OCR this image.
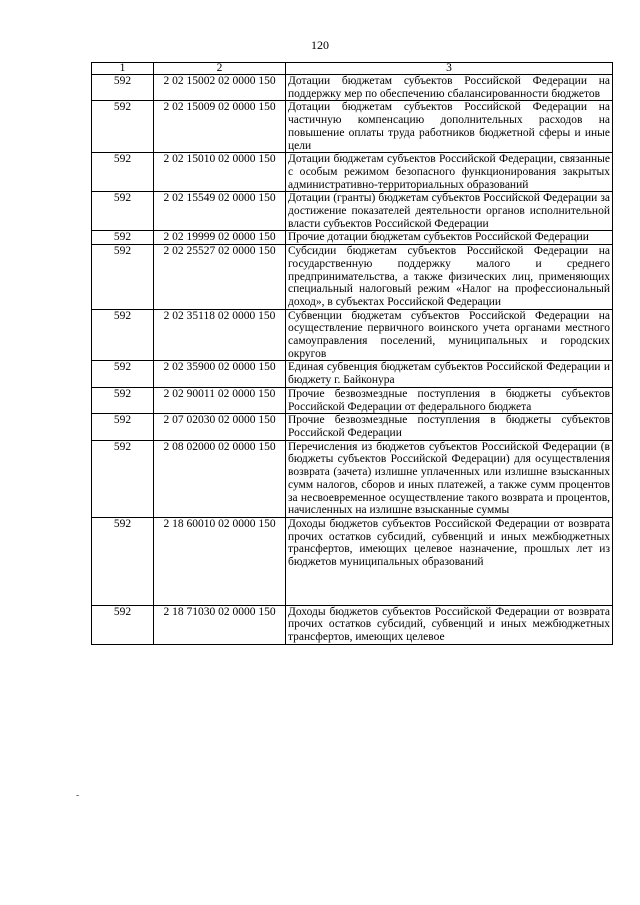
120
1	2	3
592	2 02 15002 02 0000 150	Дотации бюджетам субъектов Российской Федерации на поддержку мер по обеспечению сбалансированности бюджетов
592	2 02 15009 02 0000 150	Дотации бюджетам субъектов Российской Федерации на частичную компенсацию дополнительных расходов на повышение оплаты труда работников бюджетной сферы и иные цели
592	2 02 15010 02 0000 150	Дотации бюджетам субъектов Российской Федерации, связанные с особым режимом безопасного функционирования закрытых административно-территориальных образований
592	2 02 15549 02 0000 150	Дотации (гранты) бюджетам субъектов Российской Федерации за достижение показателей деятельности органов исполнительной власти субъектов Российской Федерации
592	2 02 19999 02 0000 150	Прочие дотации бюджетам субъектов Российской Федерации
592	2 02 25527 02 0000 150	Субсидии бюджетам субъектов Российской Федерации на государственную поддержку малого и среднего предпринимательства, а также физических лиц, применяющих специальный налоговый режим «Налог на профессиональный доход», в субъектах Российской Федерации
592	2 02 35118 02 0000 150	Субвенции бюджетам субъектов Российской Федерации на осуществление первичного воинского учета органами местного самоуправления поселений, муниципальных и городских округов
592	2 02 35900 02 0000 150	Единая субвенция бюджетам субъектов Российской Федерации и бюджету г. Байконура
592	2 02 90011 02 0000 150	Прочие безвозмездные поступления в бюджеты субъектов Российской Федерации от федерального бюджета
592	2 07 02030 02 0000 150	Прочие безвозмездные поступления в бюджеты субъектов Российской Федерации
592	2 08 02000 02 0000 150	Перечисления из бюджетов субъектов Российской Федерации (в бюджеты субъектов Российской Федерации) для осуществления возврата (зачета) излишне уплаченных или излишне взысканных сумм налогов, сборов и иных платежей, а также сумм процентов за несвоевременное осуществление такого возврата и процентов, начисленных на излишне взысканные суммы
592	2 18 60010 02 0000 150	Доходы бюджетов субъектов Российской Федерации от возврата прочих остатков субсидий, субвенций и иных межбюджетных трансфертов, имеющих целевое назначение, прошлых лет из бюджетов муниципальных образований
592	2 18 71030 02 0000 150	Доходы бюджетов субъектов Российской Федерации от возврата прочих остатков субсидий, субвенций и иных межбюджетных трансфертов, имеющих целевое
-
